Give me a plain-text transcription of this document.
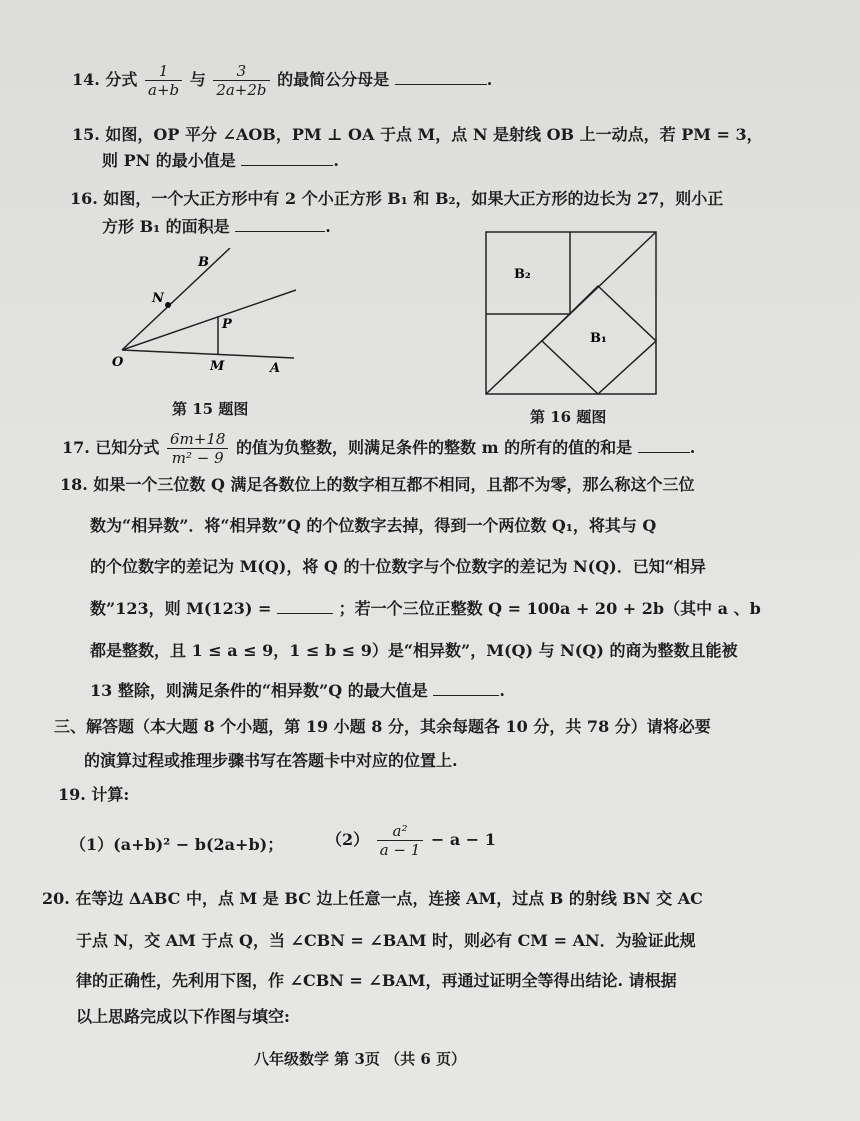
14. 分式 $\frac{1}{a+b}$ 与 $\frac{3}{2a+2b}$ 的最简公分母是	.
15. 如图，OP 平分 ∠AOB，PM ⊥ OA 于点 M，点 N 是射线 OB 上一动点，若 PM = 3，
则 PN 的最小值是	.
16. 如图，一个大正方形中有 2 个小正方形 B₁ 和 B₂，如果大正方形的边长为 27，则小正
方形 B₁ 的面积是	.
B
N
P
O	M	A
第 15 题图
B₂
B₁
第 16 题图
17. 已知分式 $\frac{6m+18}{\text{m² − 9}}$ 的值为负整数，则满足条件的整数 m 的所有的值的和是	.
18. 如果一个三位数 Q 满足各数位上的数字相互都不相同，且都不为零，那么称这个三位
数为“相异数”．将“相异数”Q 的个位数字去掉，得到一个两位数 Q₁，将其与 Q
的个位数字的差记为 M(Q)，将 Q 的十位数字与个位数字的差记为 N(Q)．已知“相异
数”123，则 M(123) =	；若一个三位正整数 Q = 100a + 20 + 2b（其中 a 、b
都是整数，且 1 ≤ a ≤ 9，1 ≤ b ≤ 9）是“相异数”，M(Q) 与 N(Q) 的商为整数且能被
13 整除，则满足条件的“相异数”Q 的最大值是	.
三、解答题（本大题 8 个小题，第 19 小题 8 分，其余每题各 10 分，共 78 分）请将必要
的演算过程或推理步骤书写在答题卡中对应的位置上.
19. 计算:
（1）(a+b)² − b(2a+b)；	$(2) \frac{\text{a²}}{a - 1} - a - 1$
20. 在等边 ΔABC 中，点 M 是 BC 边上任意一点，连接 AM，过点 B 的射线 BN 交 AC
于点 N，交 AM 于点 Q，当 ∠CBN = ∠BAM 时，则必有 CM = AN．为验证此规
律的正确性，先利用下图，作 ∠CBN = ∠BAM，再通过证明全等得出结论. 请根据
以上思路完成以下作图与填空:
八年级数学 第 3页 （共 6 页）
